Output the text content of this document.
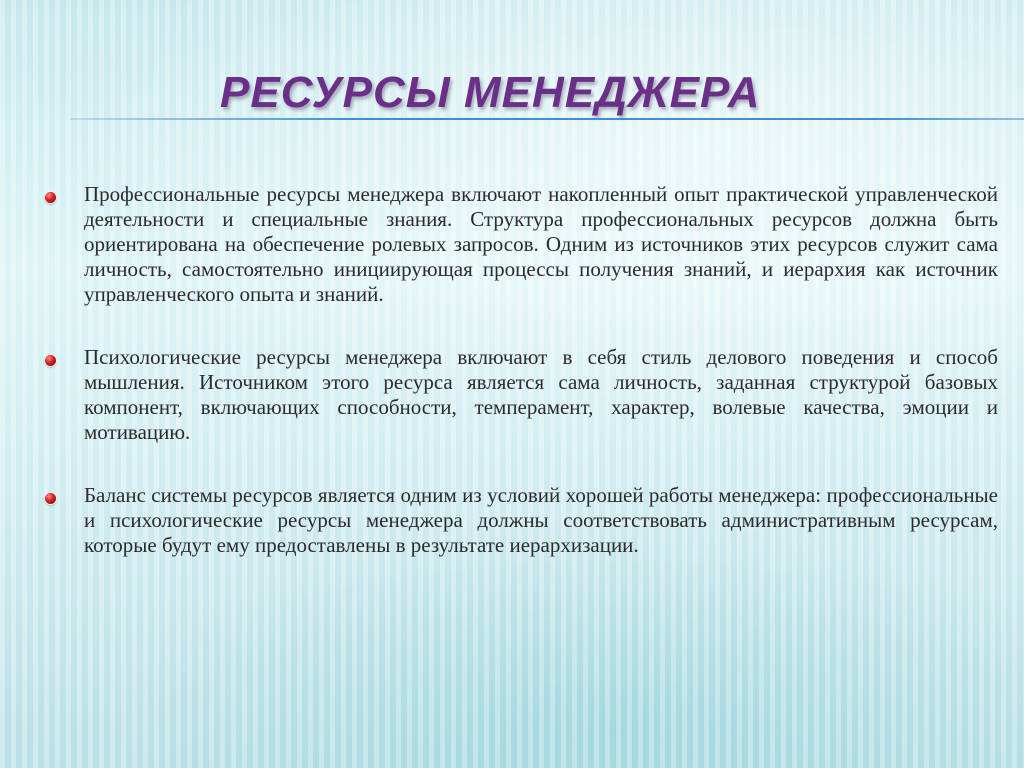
РЕСУРСЫ МЕНЕДЖЕРА
Профессиональные ресурсы менеджера включают накопленный опыт практической управленческой деятельности и специальные знания. Структура профессиональных ресурсов должна быть ориентирована на обеспечение ролевых запросов. Одним из источников этих ресурсов служит сама личность, самостоятельно инициирующая процессы получения знаний, и иерархия как источник управленческого опыта и знаний.
Психологические ресурсы менеджера включают в себя стиль делового поведения и способ мышления. Источником этого ресурса является сама личность, заданная структурой базовых компонент, включающих способности, темперамент, характер, волевые качества, эмоции и мотивацию.
Баланс системы ресурсов является одним из условий хорошей работы менеджера: профессиональные и психологические ресурсы менеджера должны соответствовать административным ресурсам, которые будут ему предоставлены в результате иерархизации.
